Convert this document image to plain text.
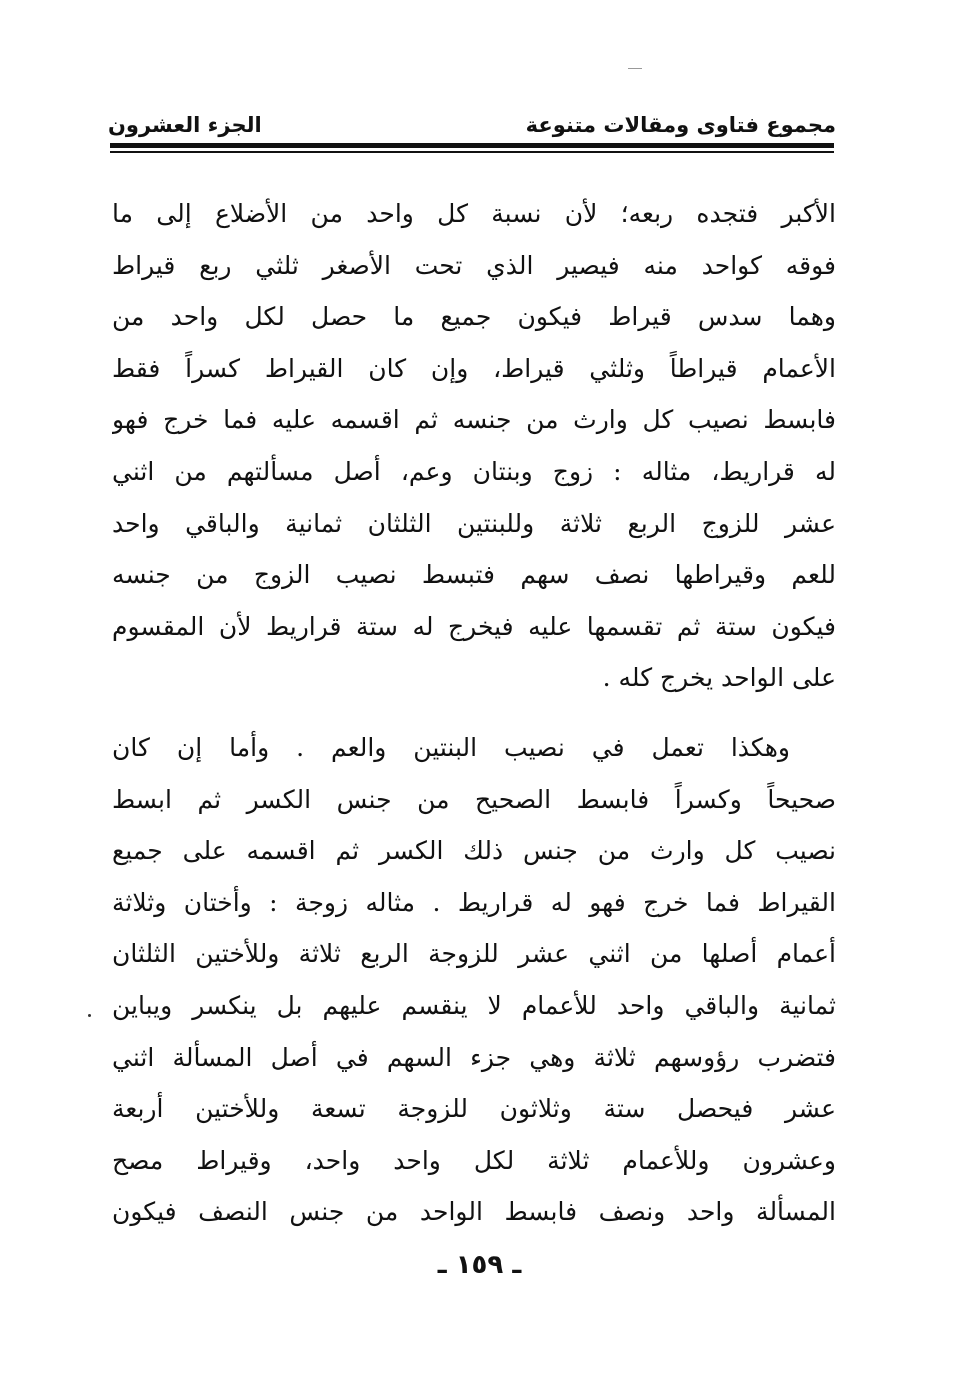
مجموع فتاوى ومقالات متنوعة
الجزء العشرون
الأكبر فتجده ربعه؛ لأن نسبة كل واحد من الأضلاع إلى ما
فوقه كواحد منه فيصير الذي تحت الأصغر ثلثي ربع قيراط
وهما سدس قيراط فيكون جميع ما حصل لكل واحد من
الأعمام قيراطاً وثلثي قيراط، وإن كان القيراط كسراً فقط
فابسط نصيب كل وارث من جنسه ثم اقسمه عليه فما خرج فهو
له قراريط، مثاله : زوج وبنتان وعم، أصل مسألتهم من اثني
عشر للزوج الربع ثلاثة وللبنتين الثلثان ثمانية والباقي واحد
للعم وقيراطها نصف سهم فتبسط نصيب الزوج من جنسه
فيكون ستة ثم تقسمها عليه فيخرج له ستة قراريط لأن المقسوم
على الواحد يخرج كله .
وهكذا تعمل في نصيب البنتين والعم . وأما إن كان
صحيحاً وكسراً فابسط الصحيح من جنس الكسر ثم ابسط
نصيب كل وارث من جنس ذلك الكسر ثم اقسمه على جميع
القيراط فما خرج فهو له قراريط . مثاله زوجة : وأختان وثلاثة
أعمام أصلها من اثني عشر للزوجة الربع ثلاثة وللأختين الثلثان
ثمانية والباقي واحد للأعمام لا ينقسم عليهم بل ينكسر ويباين
فتضرب رؤوسهم ثلاثة وهي جزء السهم في أصل المسألة اثني
عشر فيحصل ستة وثلاثون للزوجة تسعة وللأختين أربعة
وعشرون وللأعمام ثلاثة لكل واحد واحد، وقيراط مصح
المسألة واحد ونصف فابسط الواحد من جنس النصف فيكون
ـ ١٥٩ ـ
